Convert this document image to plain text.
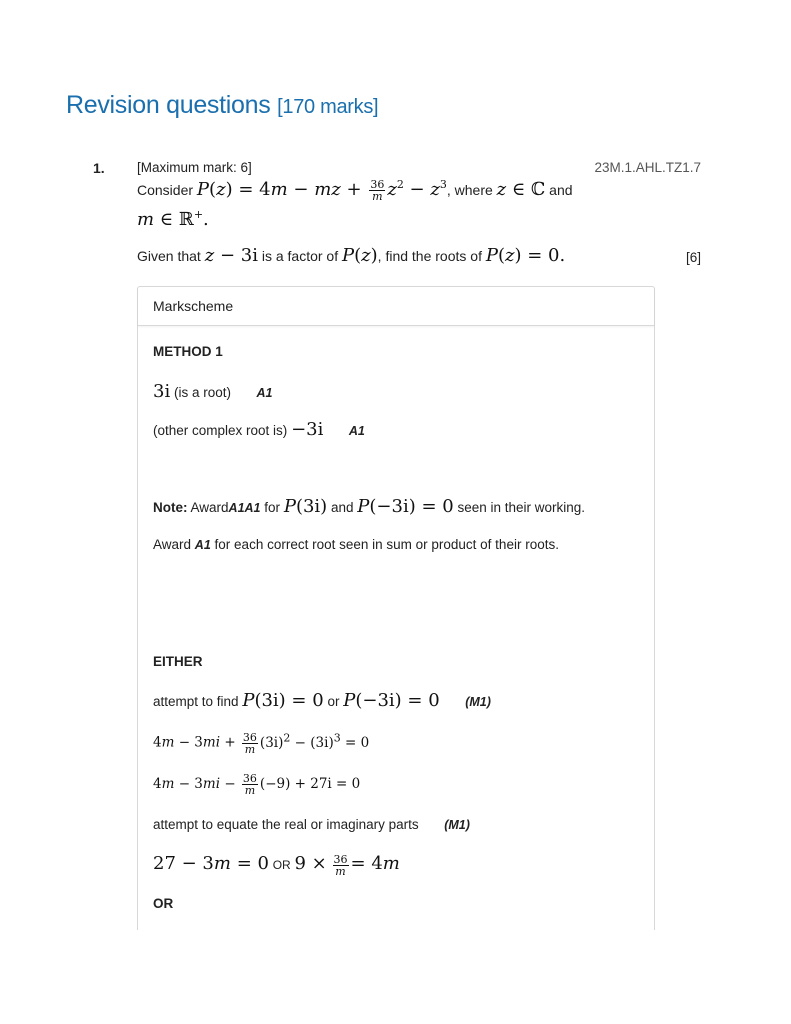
Revision questions [170 marks]
1. [Maximum mark: 6]	23M.1.AHL.TZ1.7
Consider P(z) = 4m − mz + $\frac{36}{m} z^2 - z^3$, where z ∈ ℂ and
m ∈ ℝ+.
Given that z − 3i is a factor of P(z), find the roots of P(z) = 0.	[6]
Markscheme
METHOD 1
3i (is a root) A1
(other complex root is) −3i A1
Note: AwardA1A1 for P(3i) and P(−3i) = 0 seen in their working.
Award A1 for each correct root seen in sum or product of their roots.
EITHER
attempt to find P(3i) = 0 or P(−3i) = 0 (M1)
$4m - 3mi + \frac{36}{m} (3i)^2 - (3i)^3 = 0$
$4m - 3mi - \frac{36}{m} (-9) + 27i = 0$
attempt to equate the real or imaginary parts (M1)
27 − 3m = 0 OR $9 \times \frac{36}{m} = 4m$
OR
